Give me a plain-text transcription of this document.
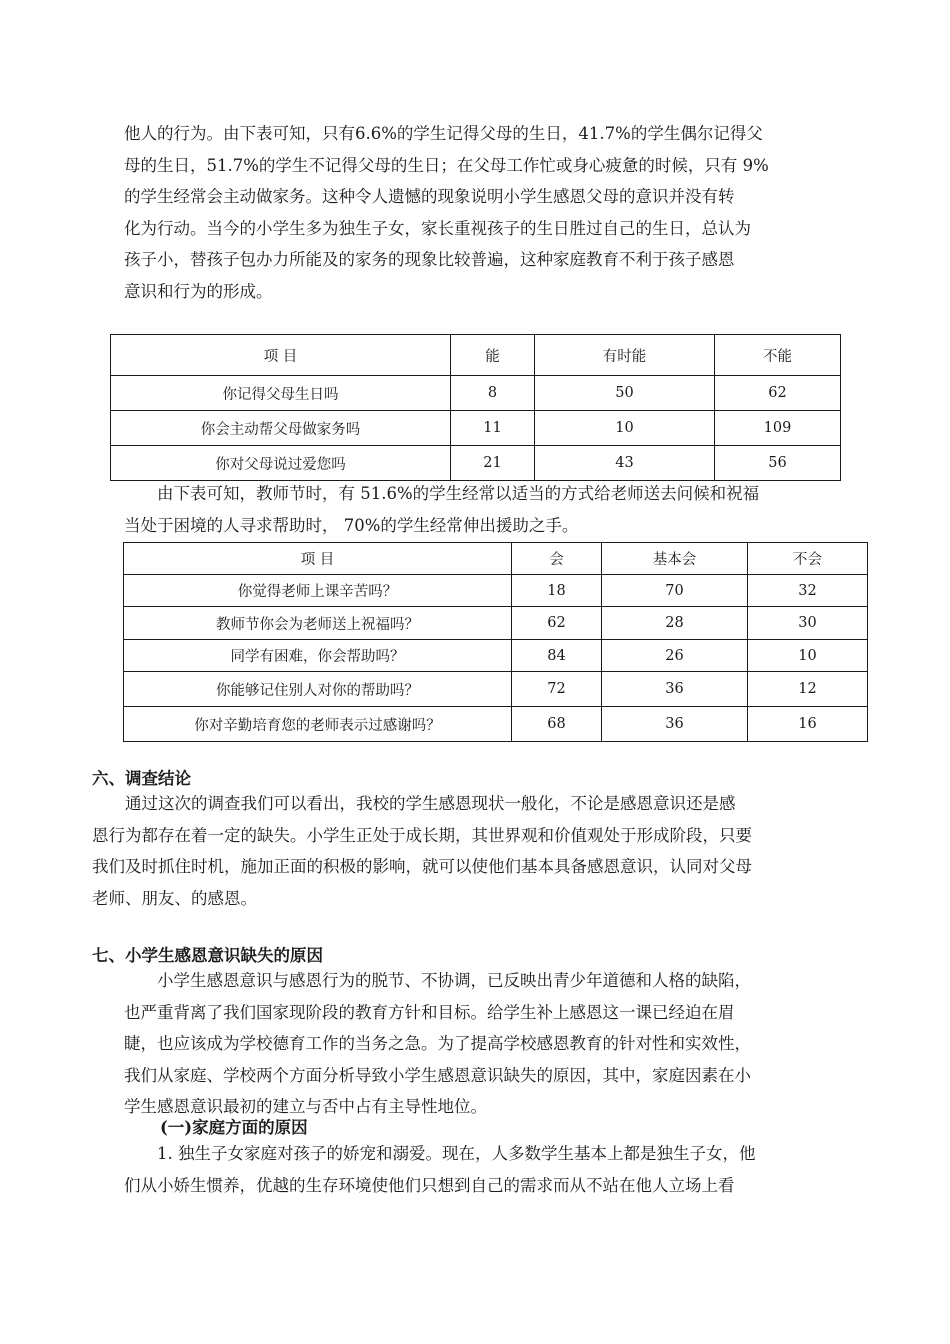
他人的行为。由下表可知，只有6.6%的学生记得父母的生日，41.7%的学生偶尔记得父
母的生日，51.7%的学生不记得父母的生日；在父母工作忙或身心疲惫的时候，只有 9%
的学生经常会主动做家务。这种令人遗憾的现象说明小学生感恩父母的意识并没有转
化为行动。当今的小学生多为独生子女，家长重视孩子的生日胜过自己的生日，总认为
孩子小，替孩子包办力所能及的家务的现象比较普遍，这种家庭教育不利于孩子感恩
意识和行为的形成。
项 目	能	有时能	不能
你记得父母生日吗	8	50	62
你会主动帮父母做家务吗	11	10	109
你对父母说过爱您吗	21	43	56
由下表可知，教师节时，有 51.6%的学生经常以适当的方式给老师送去问候和祝福
当处于困境的人寻求帮助时， 70%的学生经常伸出援助之手。
项 目	会	基本会	不会
你觉得老师上课辛苦吗？	18	70	32
教师节你会为老师送上祝福吗？	62	28	30
同学有困难，你会帮助吗？	84	26	10
你能够记住别人对你的帮助吗？	72	36	12
你对辛勤培育您的老师表示过感谢吗？	68	36	16
六、调查结论
通过这次的调查我们可以看出，我校的学生感恩现状一般化，不论是感恩意识还是感
恩行为都存在着一定的缺失。小学生正处于成长期，其世界观和价值观处于形成阶段，只要
我们及时抓住时机，施加正面的积极的影响，就可以使他们基本具备感恩意识，认同对父母
老师、朋友、的感恩。
七、小学生感恩意识缺失的原因
小学生感恩意识与感恩行为的脱节、不协调，已反映出青少年道德和人格的缺陷，
也严重背离了我们国家现阶段的教育方针和目标。给学生补上感恩这一课已经迫在眉
睫，也应该成为学校德育工作的当务之急。为了提高学校感恩教育的针对性和实效性，
我们从家庭、学校两个方面分析导致小学生感恩意识缺失的原因，其中，家庭因素在小
学生感恩意识最初的建立与否中占有主导性地位。
(一)家庭方面的原因
1. 独生子女家庭对孩子的娇宠和溺爱。现在，人多数学生基本上都是独生子女，他
们从小娇生惯养，优越的生存环境使他们只想到自己的需求而从不站在他人立场上看
